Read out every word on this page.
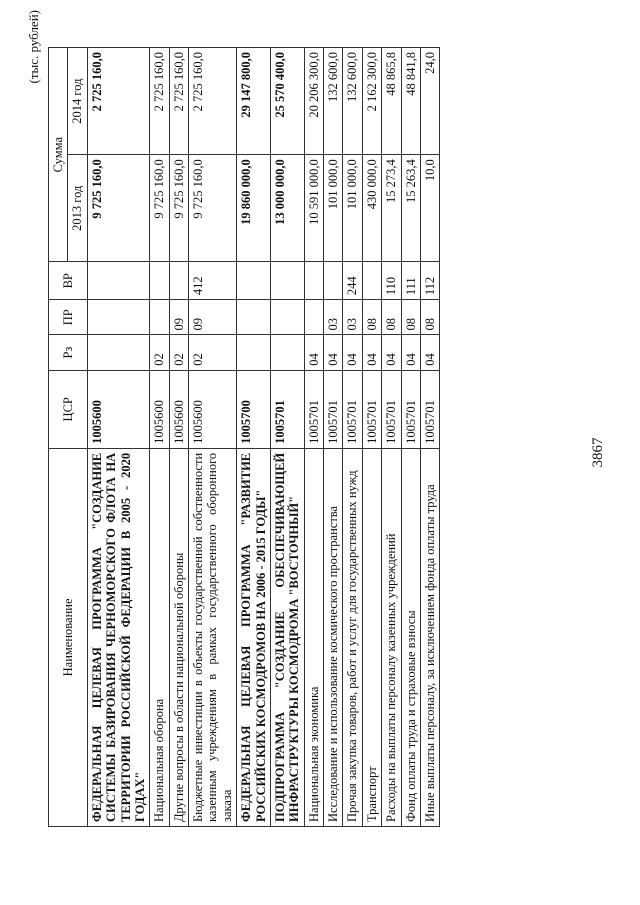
(тыс. рублей)
Наименование	ЦСР	Рз	ПР	ВР	Сумма	
					2013 год	2014 год
ФЕДЕРАЛЬНАЯ ЦЕЛЕВАЯ ПРОГРАММА "СОЗДАНИЕ СИСТЕМЫ БАЗИРОВАНИЯ ЧЕРНОМОРСКОГО ФЛОТА НА ТЕРРИТОРИИ РОССИЙСКОЙ ФЕДЕРАЦИИ В 2005 - 2020 ГОДАХ"	1005600				9 725 160,0	2 725 160,0
Национальная оборона	1005600	02			9 725 160,0	2 725 160,0
Другие вопросы в области национальной обороны	1005600	02	09		9 725 160,0	2 725 160,0
Бюджетные инвестиции в объекты государственной собственности казенным учреждениям в рамках государственного оборонного заказа	1005600	02	09	412	9 725 160,0	2 725 160,0
ФЕДЕРАЛЬНАЯ ЦЕЛЕВАЯ ПРОГРАММА "РАЗВИТИЕ РОССИЙСКИХ КОСМОДРОМОВ НА 2006 - 2015 ГОДЫ"	1005700				19 860 000,0	29 147 800,0
ПОДПРОГРАММА "СОЗДАНИЕ ОБЕСПЕЧИВАЮЩЕЙ ИНФРАСТРУКТУРЫ КОСМОДРОМА "ВОСТОЧНЫЙ"	1005701				13 000 000,0	25 570 400,0
Национальная экономика	1005701	04			10 591 000,0	20 206 300,0
Исследование и использование космического пространства	1005701	04	03		101 000,0	132 600,0
Прочая закупка товаров, работ и услуг для государственных нужд	1005701	04	03	244	101 000,0	132 600,0
Транспорт	1005701	04	08		430 000,0	2 162 300,0
Расходы на выплаты персоналу казенных учреждений	1005701	04	08	110	15 273,4	48 865,8
Фонд оплаты труда и страховые взносы	1005701	04	08	111	15 263,4	48 841,8
Иные выплаты персоналу, за исключением фонда оплаты труда	1005701	04	08	112	10,0	24,0
3867
